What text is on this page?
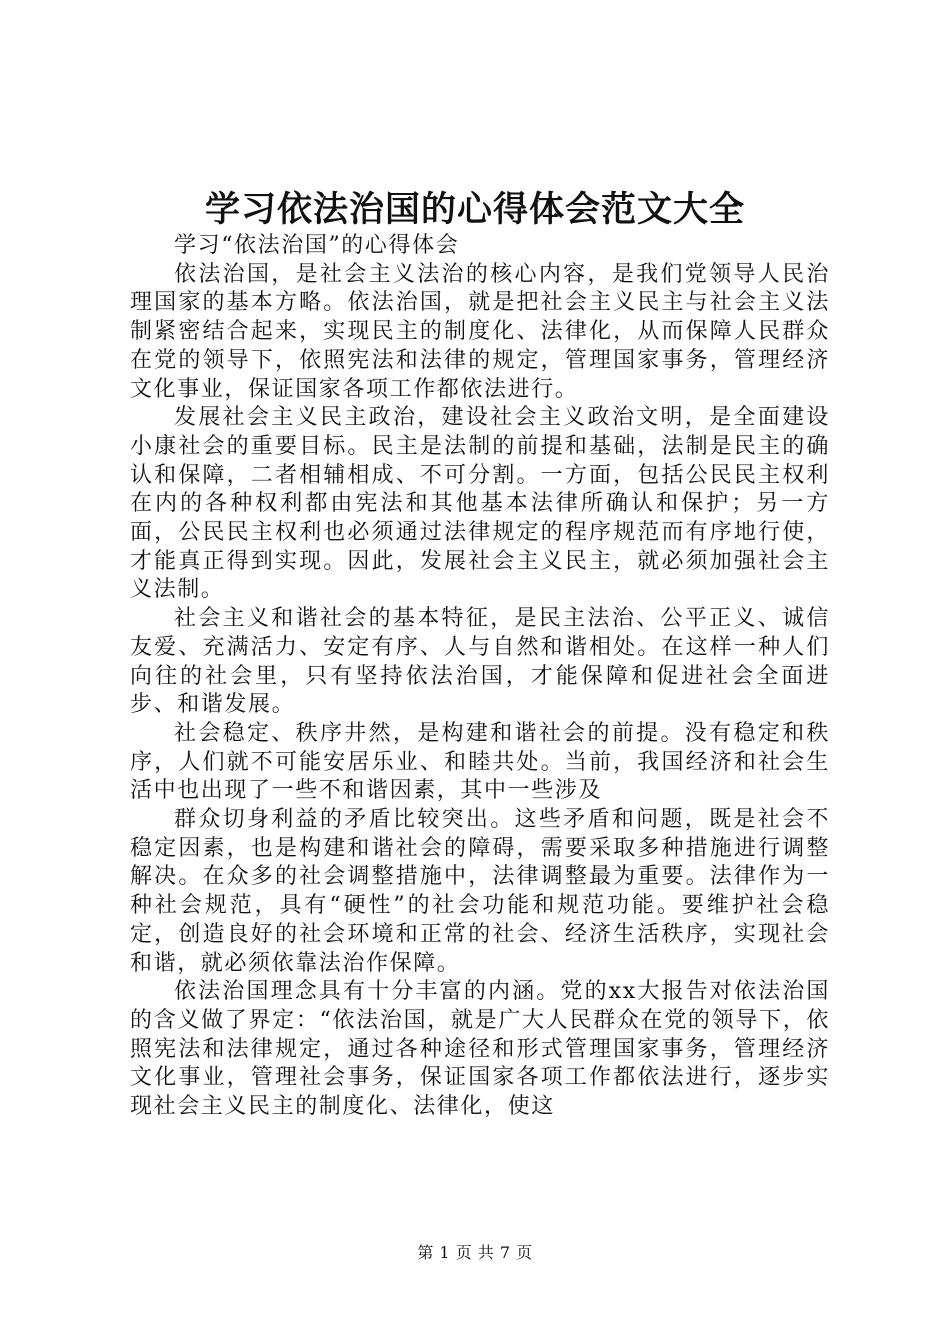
学习依法治国的心得体会范文大全

学习“依法治国”的心得体会

依法治国，是社会主义法治的核心内容，是我们党领导人民治理国家的基本方略。依法治国，就是把社会主义民主与社会主义法制紧密结合起来，实现民主的制度化、法律化，从而保障人民群众在党的领导下，依照宪法和法律的规定，管理国家事务，管理经济文化事业，保证国家各项工作都依法进行。

发展社会主义民主政治，建设社会主义政治文明，是全面建设小康社会的重要目标。民主是法制的前提和基础，法制是民主的确认和保障，二者相辅相成、不可分割。一方面，包括公民民主权利在内的各种权利都由宪法和其他基本法律所确认和保护；另一方面，公民民主权利也必须通过法律规定的程序规范而有序地行使，才能真正得到实现。因此，发展社会主义民主，就必须加强社会主义法制。

社会主义和谐社会的基本特征，是民主法治、公平正义、诚信友爱、充满活力、安定有序、人与自然和谐相处。在这样一种人们向往的社会里，只有坚持依法治国，才能保障和促进社会全面进步、和谐发展。

社会稳定、秩序井然，是构建和谐社会的前提。没有稳定和秩序，人们就不可能安居乐业、和睦共处。当前，我国经济和社会生活中也出现了一些不和谐因素，其中一些涉及

群众切身利益的矛盾比较突出。这些矛盾和问题，既是社会不稳定因素，也是构建和谐社会的障碍，需要采取多种措施进行调整解决。在众多的社会调整措施中，法律调整最为重要。法律作为一种社会规范，具有“硬性”的社会功能和规范功能。要维护社会稳定，创造良好的社会环境和正常的社会、经济生活秩序，实现社会和谐，就必须依靠法治作保障。

依法治国理念具有十分丰富的内涵。党的xx大报告对依法治国的含义做了界定：“依法治国，就是广大人民群众在党的领导下，依照宪法和法律规定，通过各种途径和形式管理国家事务，管理经济文化事业，管理社会事务，保证国家各项工作都依法进行，逐步实现社会主义民主的制度化、法律化，使这

第 1 页 共 7 页
